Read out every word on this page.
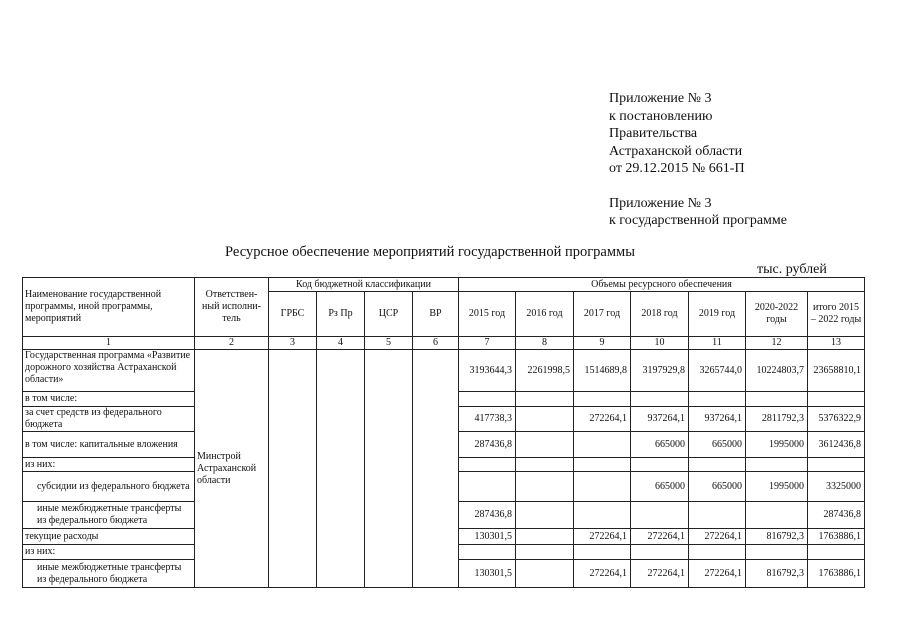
Приложение № 3
к постановлению
Правительства
Астраханской области
от 29.12.2015 № 661-П
Приложение № 3
к государственной программе
Ресурсное обеспечение мероприятий государственной программы
тыс. рублей
Наименование государственной программы, иной программы, мероприятий	Ответствен-ный исполни-тель	Код бюджетной классификации				Объемы ресурсного обеспечения						
		ГРБС	Рз Пр	ЦСР	ВР	2015 год	2016 год	2017 год	2018 год	2019 год	2020-2022 годы	итого 2015 – 2022 годы
1	2	3	4	5	6	7	8	9	10	11	12	13
Государственная программа «Развитие дорожного хозяйства Астраханской области»	Минстрой Астраханской области					3193644,3	2261998,5	1514689,8	3197929,8	3265744,0	10224803,7	23658810,1
в том числе:												
за счет средств из федерального бюджета						417738,3		272264,1	937264,1	937264,1	2811792,3	5376322,9
в том числе: капитальные вложения						287436,8			665000	665000	1995000	3612436,8
из них:												
субсидии из федерального бюджета									665000	665000	1995000	3325000
иные межбюджетные трансферты из федерального бюджета						287436,8						287436,8
текущие расходы						130301,5		272264,1	272264,1	272264,1	816792,3	1763886,1
из них:												
иные межбюджетные трансферты из федерального бюджета						130301,5		272264,1	272264,1	272264,1	816792,3	1763886,1
